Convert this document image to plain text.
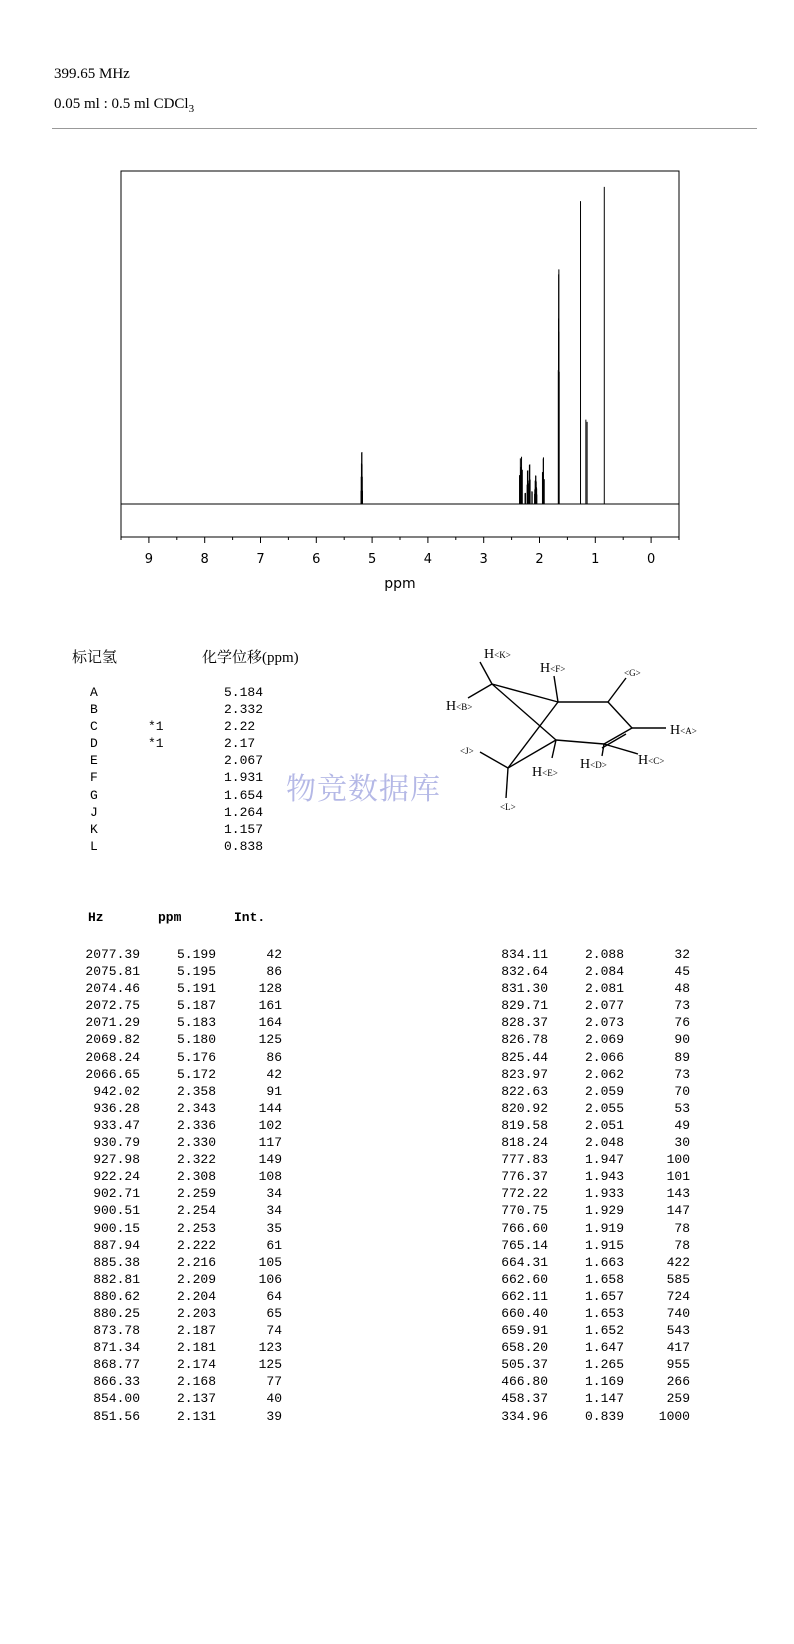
399.65 MHz
0.05 ml : 0.5 ml CDCl$_3$
9	8	7	6	5	4	3	2	1	0
ppm
标记氢	化学位移(ppm)
A	5.184
B	2.332
C	*1	2.22
D	*1	2.17
E	2.067
F	1.931
G	1.654
J	1.264
K	1.157
L	0.838
物竞数据库
H<K>
H<F>	<G>
H<B>
H<A>
<J>
H<E>
H<D> H<C>
<L>
Hz	ppm	Int.
2077.39	5.199	42
2075.81	5.195	86
2074.46	5.191	128
2072.75	5.187	161
2071.29	5.183	164
2069.82	5.180	125
2068.24	5.176	86
2066.65	5.172	42
942.02	2.358	91
936.28	2.343	144
933.47	2.336	102
930.79	2.330	117
927.98	2.322	149
922.24	2.308	108
902.71	2.259	34
900.51	2.254	34
900.15	2.253	35
887.94	2.222	61
885.38	2.216	105
882.81	2.209	106
880.62	2.204	64
880.25	2.203	65
873.78	2.187	74
871.34	2.181	123
868.77	2.174	125
866.33	2.168	77
854.00	2.137	40
851.56	2.131	39
834.11	2.088	32
832.64	2.084	45
831.30	2.081	48
829.71	2.077	73
828.37	2.073	76
826.78	2.069	90
825.44	2.066	89
823.97	2.062	73
822.63	2.059	70
820.92	2.055	53
819.58	2.051	49
818.24	2.048	30
777.83	1.947	100
776.37	1.943	101
772.22	1.933	143
770.75	1.929	147
766.60	1.919	78
765.14	1.915	78
664.31	1.663	422
662.60	1.658	585
662.11	1.657	724
660.40	1.653	740
659.91	1.652	543
658.20	1.647	417
505.37	1.265	955
466.80	1.169	266
458.37	1.147	259
334.96	0.839	1000
